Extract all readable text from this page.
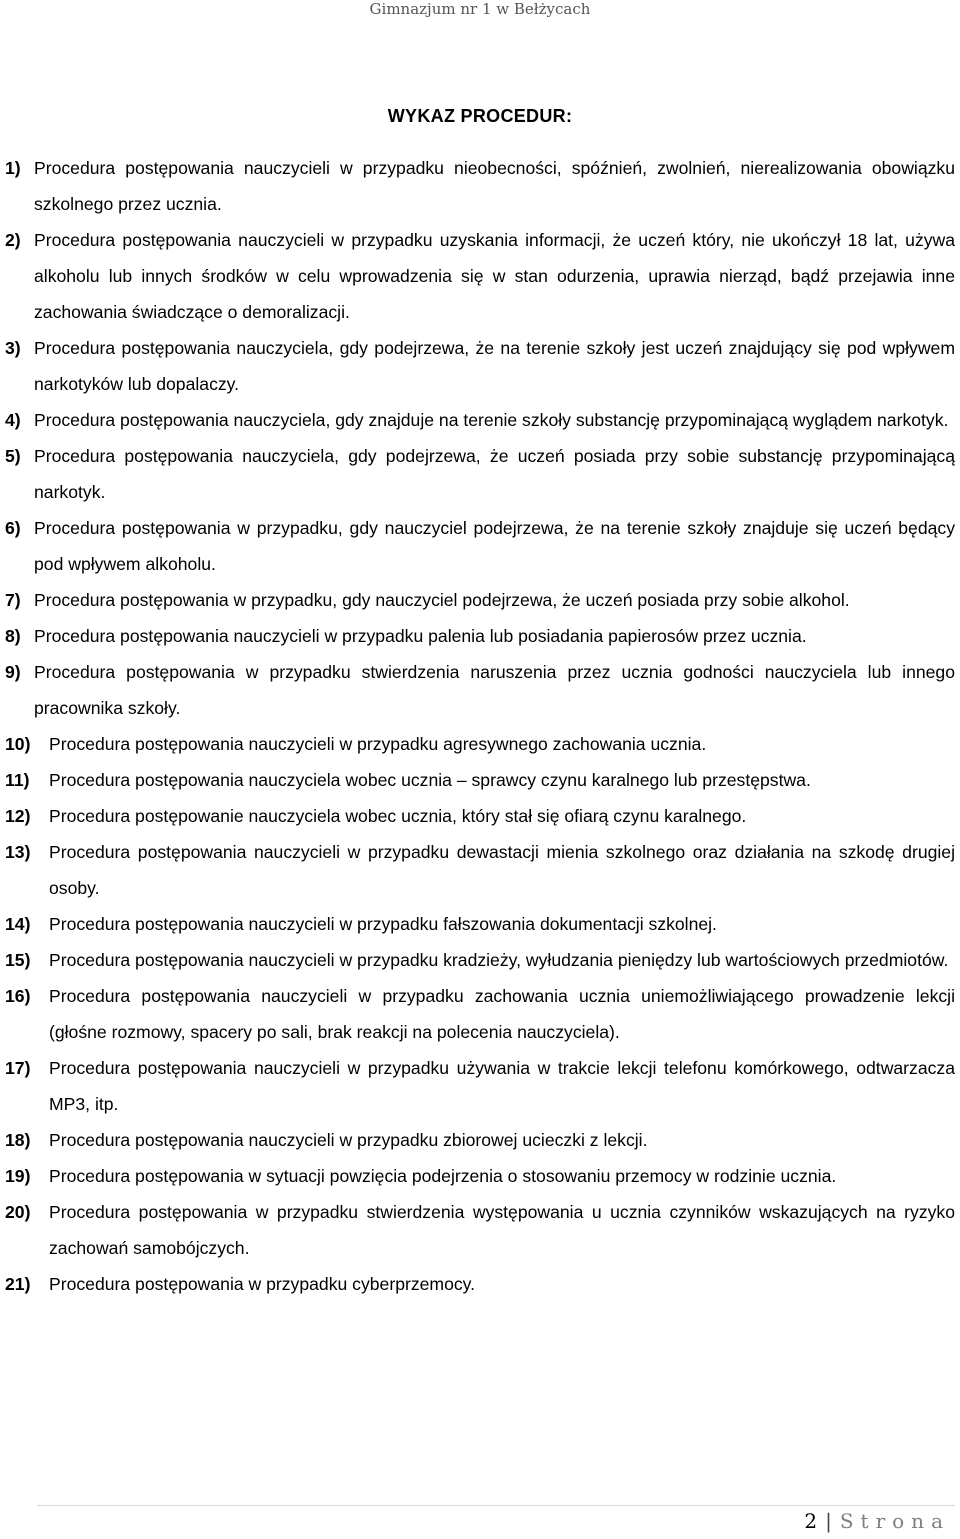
Gimnazjum nr 1 w Bełżycach
WYKAZ PROCEDUR:
1) Procedura postępowania nauczycieli w przypadku nieobecności, spóźnień, zwolnień, nierealizowania obowiązku szkolnego przez ucznia.
2) Procedura postępowania nauczycieli w przypadku uzyskania informacji, że uczeń który, nie ukończył 18 lat, używa alkoholu lub innych środków w celu wprowadzenia się w stan odurzenia, uprawia nierząd, bądź przejawia inne zachowania świadczące o demoralizacji.
3) Procedura postępowania nauczyciela, gdy podejrzewa, że na terenie szkoły jest uczeń znajdujący się pod wpływem narkotyków lub dopalaczy.
4) Procedura postępowania nauczyciela, gdy znajduje na terenie szkoły substancję przypominającą wyglądem narkotyk.
5) Procedura postępowania nauczyciela, gdy podejrzewa, że uczeń posiada przy sobie substancję przypominającą narkotyk.
6) Procedura postępowania w przypadku, gdy nauczyciel podejrzewa, że na terenie szkoły znajduje się uczeń będący pod wpływem alkoholu.
7) Procedura postępowania w przypadku, gdy nauczyciel podejrzewa, że uczeń posiada przy sobie alkohol.
8) Procedura postępowania nauczycieli w przypadku palenia lub posiadania papierosów przez ucznia.
9) Procedura postępowania w przypadku stwierdzenia naruszenia przez ucznia godności nauczyciela lub innego pracownika szkoły.
10)	Procedura postępowania nauczycieli w przypadku agresywnego zachowania ucznia.
11)	Procedura postępowania nauczyciela wobec ucznia – sprawcy czynu karalnego lub przestępstwa.
12)	Procedura postępowanie nauczyciela wobec ucznia, który stał się ofiarą czynu karalnego.
13)	Procedura postępowania nauczycieli w przypadku dewastacji mienia szkolnego oraz działania na szkodę drugiej osoby.
14)	Procedura postępowania nauczycieli w przypadku fałszowania dokumentacji szkolnej.
15)	Procedura postępowania nauczycieli w przypadku kradzieży, wyłudzania pieniędzy lub wartościowych przedmiotów.
16)	Procedura postępowania nauczycieli w przypadku zachowania ucznia uniemożliwiającego prowadzenie lekcji (głośne rozmowy, spacery po sali, brak reakcji na polecenia nauczyciela).
17)	Procedura postępowania nauczycieli w przypadku używania w trakcie lekcji telefonu komórkowego, odtwarzacza MP3, itp.
18)	Procedura postępowania nauczycieli w przypadku zbiorowej ucieczki z lekcji.
19)	Procedura postępowania w sytuacji powzięcia podejrzenia o stosowaniu przemocy w rodzinie ucznia.
20)	Procedura postępowania w przypadku stwierdzenia występowania u ucznia czynników wskazujących na ryzyko zachowań samobójczych.
21)	Procedura postępowania w przypadku cyberprzemocy.
2 | Strona
